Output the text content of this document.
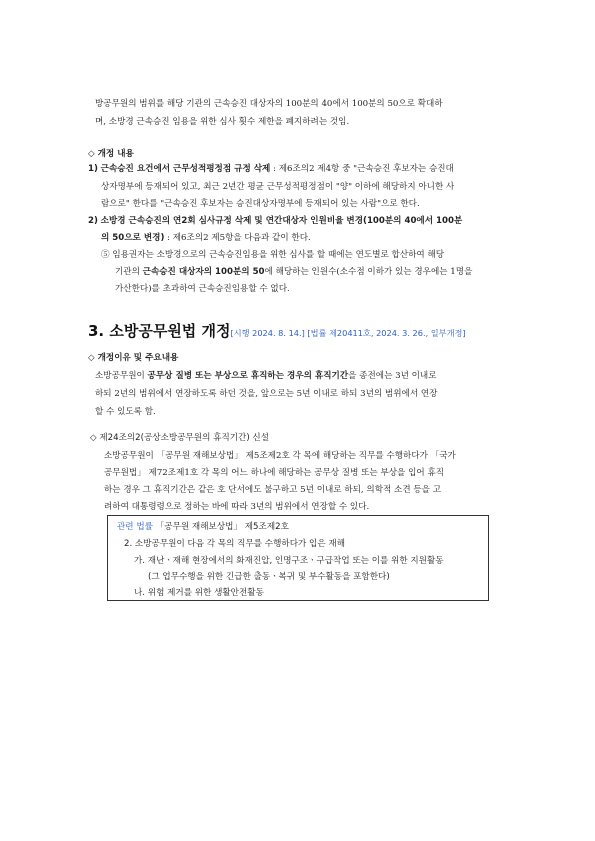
방공무원의 범위를 해당 기관의 근속승진 대상자의 100분의 40에서 100분의 50으로 확대하

며, 소방경 근속승진 임용을 위한 심사 횟수 제한을 폐지하려는 것임.

◇ 개정 내용

1) 근속승진 요건에서 근무성적평정점 규정 삭제 : 제6조의2 제4항 중 "근속승진 후보자는 승진대

상자명부에 등재되어 있고, 최근 2년간 평균 근무성적평정점이 "양" 이하에 해당하지 아니한 사

람으로" 한다를 "근속승진 후보자는 승진대상자명부에 등재되어 있는 사람"으로 한다.

2) 소방경 근속승진의 연2회 심사규정 삭제 및 연간대상자 인원비율 변경(100분의 40에서 100분

의 50으로 변경) : 제6조의2 제5항을 다음과 같이 한다.

⑤ 임용권자는 소방경으로의 근속승진임용을 위한 심사를 할 때에는 연도별로 합산하여 해당

기관의 근속승진 대상자의 100분의 50에 해당하는 인원수(소수점 이하가 있는 경우에는 1명을

가산한다)를 초과하여 근속승진임용할 수 없다.

3. 소방공무원법 개정[시행 2024. 8. 14.] [법률 제20411호, 2024. 3. 26., 일부개정]

◇ 개정이유 및 주요내용

소방공무원이 공무상 질병 또는 부상으로 휴직하는 경우의 휴직기간을 종전에는 3년 이내로

하되 2년의 범위에서 연장하도록 하던 것을, 앞으로는 5년 이내로 하되 3년의 범위에서 연장

할 수 있도록 함.

◇ 제24조의2(공상소방공무원의 휴직기간) 신설

소방공무원이 「공무원 재해보상법」 제5조제2호 각 목에 해당하는 직무를 수행하다가 「국가

공무원법」 제72조제1호 각 목의 어느 하나에 해당하는 공무상 질병 또는 부상을 입어 휴직

하는 경우 그 휴직기간은 같은 호 단서에도 불구하고 5년 이내로 하되, 의학적 소견 등을 고

려하여 대통령령으로 정하는 바에 따라 3년의 범위에서 연장할 수 있다.

관련 법률 「공무원 재해보상법」 제5조제2호

2. 소방공무원이 다음 각 목의 직무를 수행하다가 입은 재해

가. 재난ㆍ재해 현장에서의 화재진압, 인명구조ㆍ구급작업 또는 이를 위한 지원활동

(그 업무수행을 위한 긴급한 출동ㆍ복귀 및 부수활동을 포함한다)

나. 위험 제거를 위한 생활안전활동
